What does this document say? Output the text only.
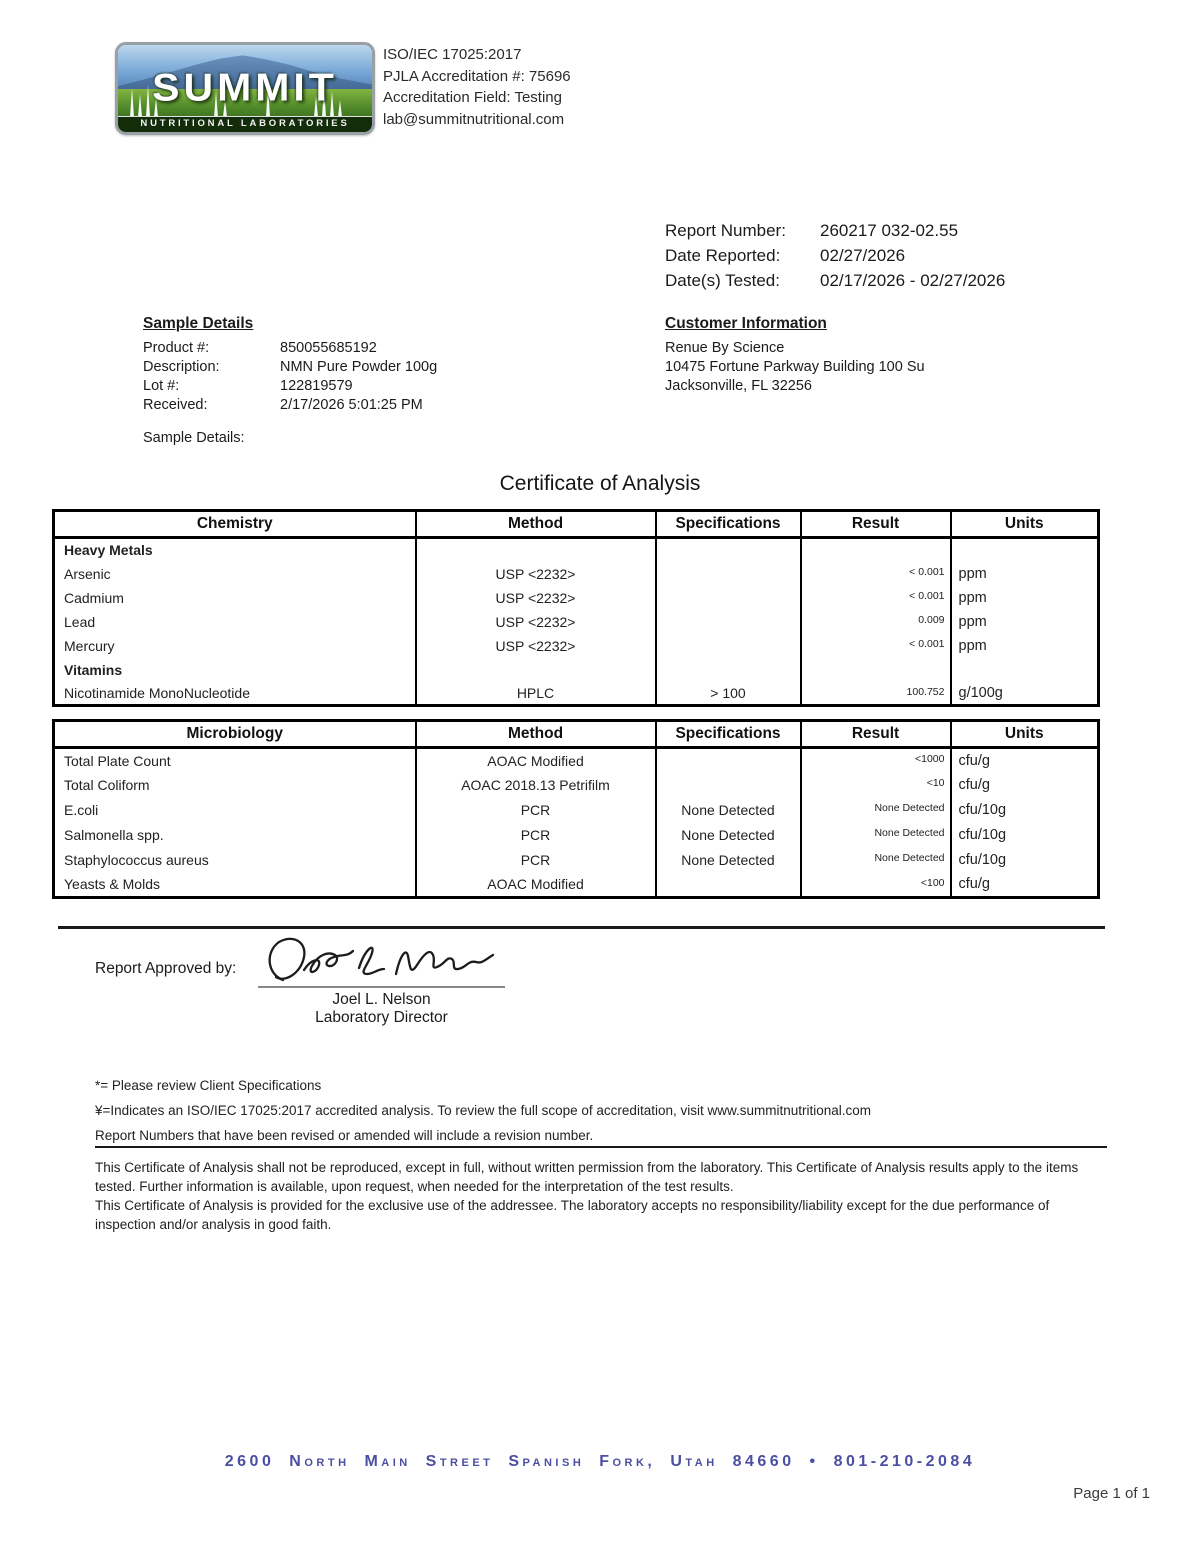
SUMMIT
NUTRITIONAL LABORATORIES
ISO/IEC 17025:2017
PJLA Accreditation #: 75696
Accreditation Field: Testing
lab@summitnutritional.com
Report Number:	260217 032-02.55
Date Reported:	02/27/2026
Date(s) Tested:	02/17/2026 - 02/27/2026
Sample Details
Product #:	850055685192
Description:	NMN Pure Powder 100g
Lot #:	122819579
Received:	2/17/2026 5:01:25 PM
Customer Information
Renue By Science
10475 Fortune Parkway Building 100 Su
Jacksonville, FL 32256
Sample Details:
Certificate of Analysis
Chemistry	Method	Specifications	Result	Units
Heavy Metals				
Arsenic	USP <2232>		< 0.001	ppm
Cadmium	USP <2232>		< 0.001	ppm
Lead	USP <2232>		0.009	ppm
Mercury	USP <2232>		< 0.001	ppm
Vitamins				
Nicotinamide MonoNucleotide	HPLC	> 100	100.752	g/100g
Microbiology	Method	Specifications	Result	Units
Total Plate Count	AOAC Modified		<1000	cfu/g
Total Coliform	AOAC 2018.13 Petrifilm		<10	cfu/g
E.coli	PCR	None Detected	None Detected	cfu/10g
Salmonella spp.	PCR	None Detected	None Detected	cfu/10g
Staphylococcus aureus	PCR	None Detected	None Detected	cfu/10g
Yeasts & Molds	AOAC Modified		<100	cfu/g
Report Approved by:
Joel L. Nelson
Laboratory Director
*= Please review Client Specifications
¥=Indicates an ISO/IEC 17025:2017 accredited analysis. To review the full scope of accreditation, visit www.summitnutritional.com
Report Numbers that have been revised or amended will include a revision number.

This Certificate of Analysis shall not be reproduced, except in full, without written permission from the laboratory. This Certificate of Analysis results apply to the items tested. Further information is available, upon request, when needed for the interpretation of the test results.

This Certificate of Analysis is provided for the exclusive use of the addressee. The laboratory accepts no responsibility/liability except for the due performance of inspection and/or analysis in good faith.

2600 North Main Street Spanish Fork, Utah 84660 • 801-210-2084
Page 1 of 1
